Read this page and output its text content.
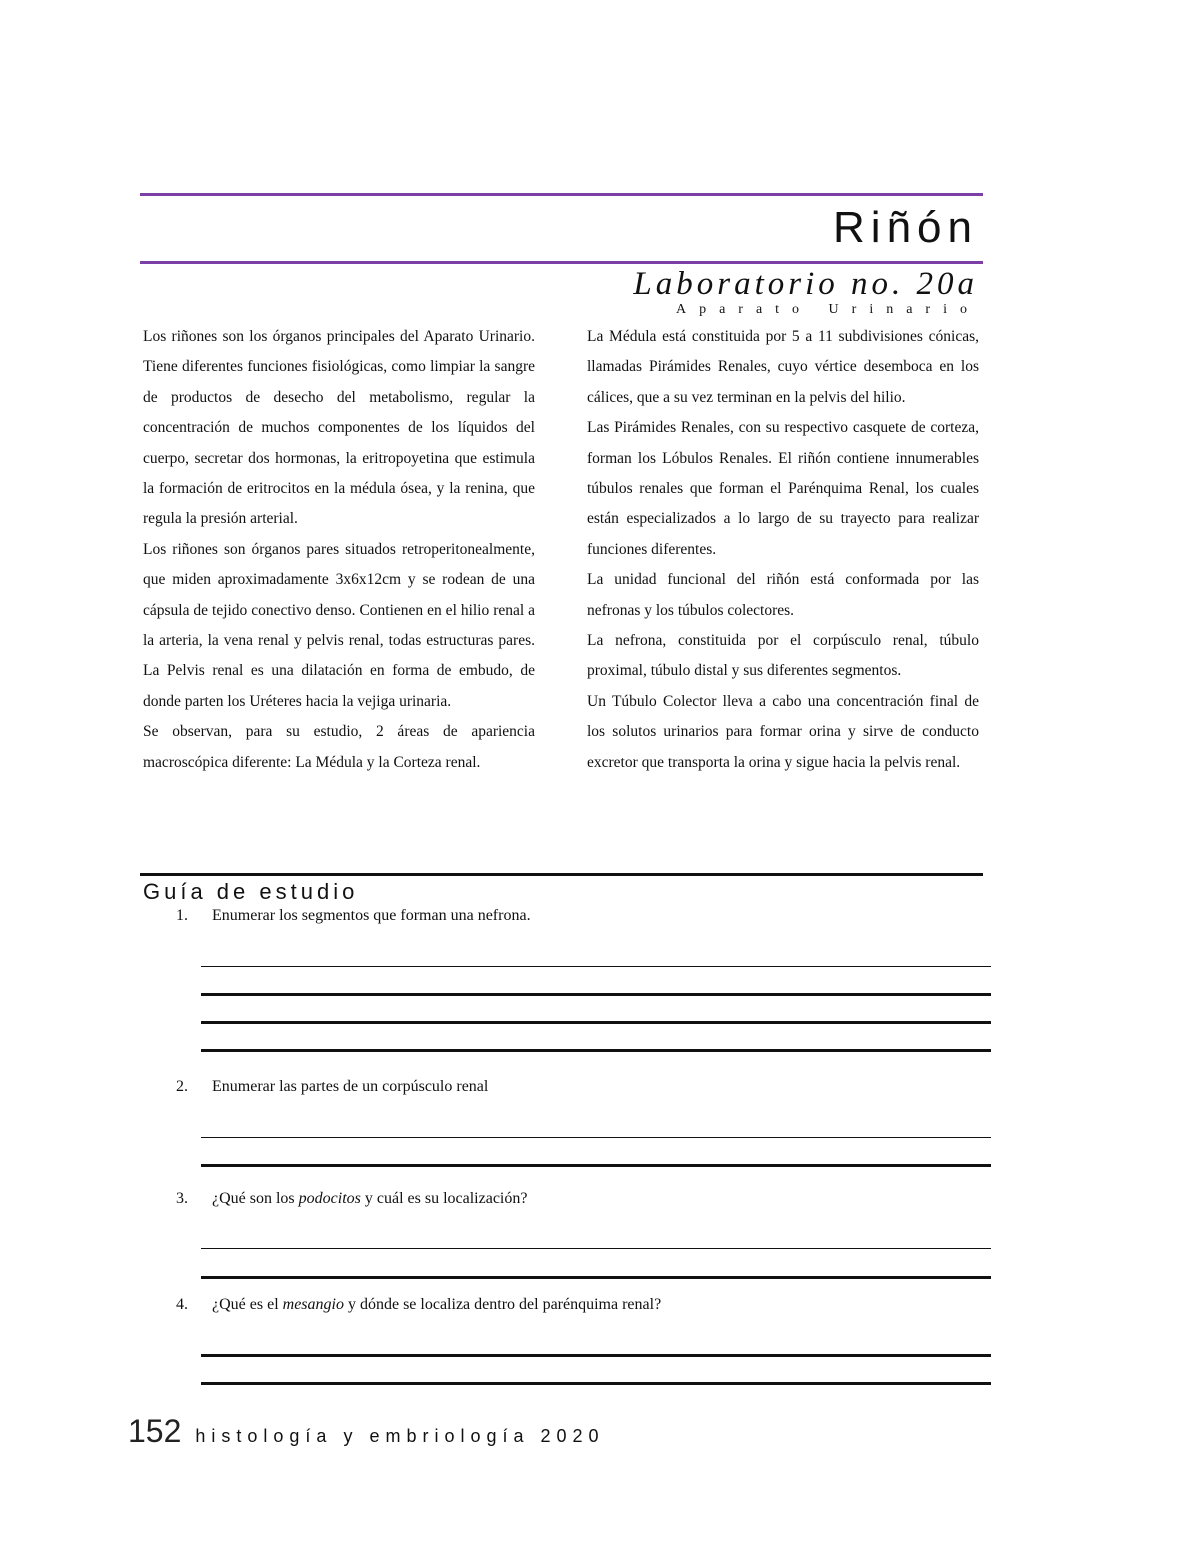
Riñón
Laboratorio no. 20a
Aparato Urinario

Los riñones son los órganos principales del Aparato Urinario. Tiene diferentes funciones fisiológicas, como limpiar la sangre de productos de desecho del metabolismo, regular la concentración de muchos componentes de los líquidos del cuerpo, secretar dos hormonas, la eritropoyetina que estimula la formación de eritrocitos en la médula ósea, y la renina, que regula la presión arterial.

Los riñones son órganos pares situados retroperitonealmente, que miden aproximadamente 3x6x12cm y se rodean de una cápsula de tejido conectivo denso. Contienen en el hilio renal a la arteria, la vena renal y pelvis renal, todas estructuras pares. La Pelvis renal es una dilatación en forma de embudo, de donde parten los Uréteres hacia la vejiga urinaria.

Se observan, para su estudio, 2 áreas de apariencia macroscópica diferente: La Médula y la Corteza renal.

La Médula está constituida por 5 a 11 subdivisiones cónicas, llamadas Pirámides Renales, cuyo vértice desemboca en los cálices, que a su vez terminan en la pelvis del hilio.

Las Pirámides Renales, con su respectivo casquete de corteza, forman los Lóbulos Renales. El riñón contiene innumerables túbulos renales que forman el Parénquima Renal, los cuales están especializados a lo largo de su trayecto para realizar funciones diferentes.

La unidad funcional del riñón está conformada por las nefronas y los túbulos colectores.

La nefrona, constituida por el corpúsculo renal, túbulo proximal, túbulo distal y sus diferentes segmentos.

Un Túbulo Colector lleva a cabo una concentración final de los solutos urinarios para formar orina y sirve de conducto excretor que transporta la orina y sigue hacia la pelvis renal.

Guía de estudio
1. Enumerar los segmentos que forman una nefrona.
2. Enumerar las partes de un corpúsculo renal
3. ¿Qué son los podocitos y cuál es su localización?
4. ¿Qué es el mesangio y dónde se localiza dentro del parénquima renal?
152 histología y embriología 2020
